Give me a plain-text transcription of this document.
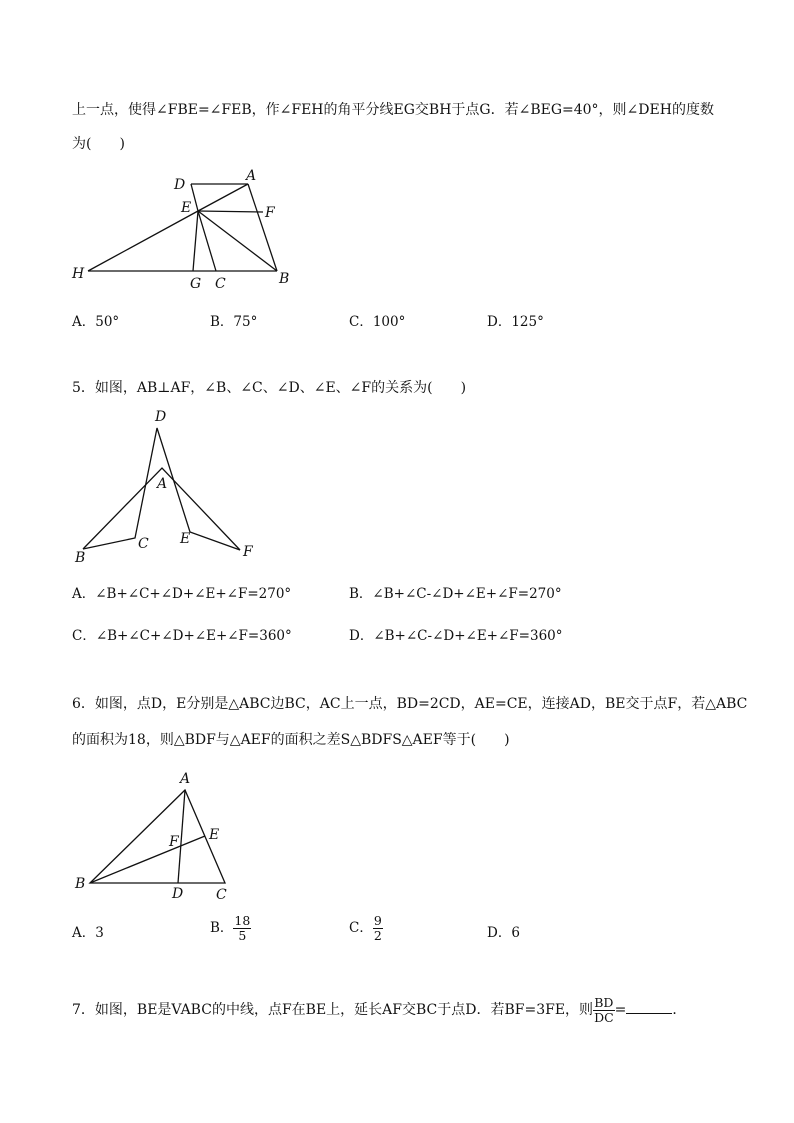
上一点，使得∠FBE=∠FEB，作∠FEH的角平分线EG交BH于点G．若∠BEG=40°，则∠DEH的度数
为(　　)
D
A
E	F
H
G C	B
A．50°	B．75°	C．100°	D．125°
5．如图，AB⊥AF，∠B、∠C、∠D、∠E、∠F的关系为(　　)
D
A
B
C E
F
A．∠B+∠C+∠D+∠E+∠F=270°	B．∠B+∠C-∠D+∠E+∠F=270°
C．∠B+∠C+∠D+∠E+∠F=360°	D．∠B+∠C-∠D+∠E+∠F=360°
6．如图，点D，E分别是△ABC边BC，AC上一点，BD=2CD，AE=CE，连接AD，BE交于点F，若△ABC
的面积为18，则△BDF与△AEF的面积之差S△BDFS△AEF等于(　　)
A
E
F
B
D C
A．3	B． $\frac{18}{5}$	C． $\frac{9}{2}$	D．6
7．如图，BE是VABC的中线，点F在BE上，延长AF交BC于点D．若BF=3FE，则 $\frac{BD}{DC}$ =	．
